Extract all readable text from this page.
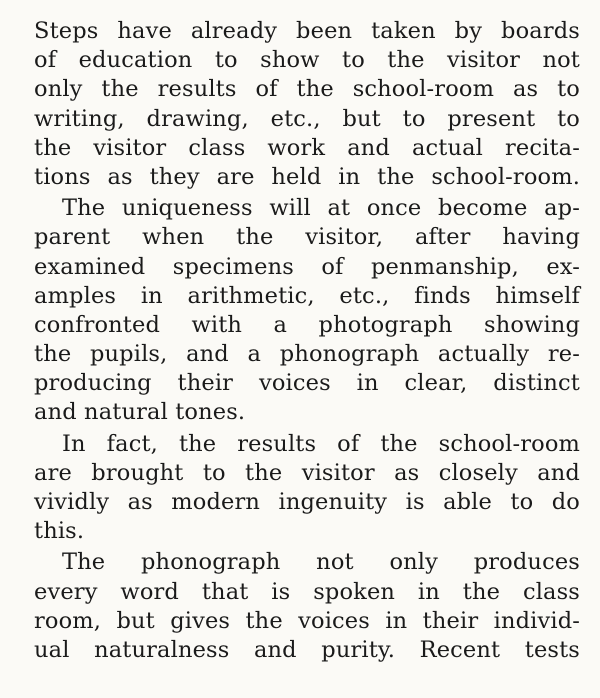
Steps have already been taken by boards
of education to show to the visitor not
only the results of the school-room as to
writing, drawing, etc., but to present to
the visitor class work and actual recita-
tions as they are held in the school-room.
The uniqueness will at once become ap-
parent when the visitor, after having
examined specimens of penmanship, ex-
amples in arithmetic, etc., finds himself
confronted with a photograph showing
the pupils, and a phonograph actually re-
producing their voices in clear, distinct
and natural tones.
In fact, the results of the school-room
are brought to the visitor as closely and
vividly as modern ingenuity is able to do
this.
The phonograph not only produces
every word that is spoken in the class
room, but gives the voices in their individ-
ual naturalness and purity. Recent tests
